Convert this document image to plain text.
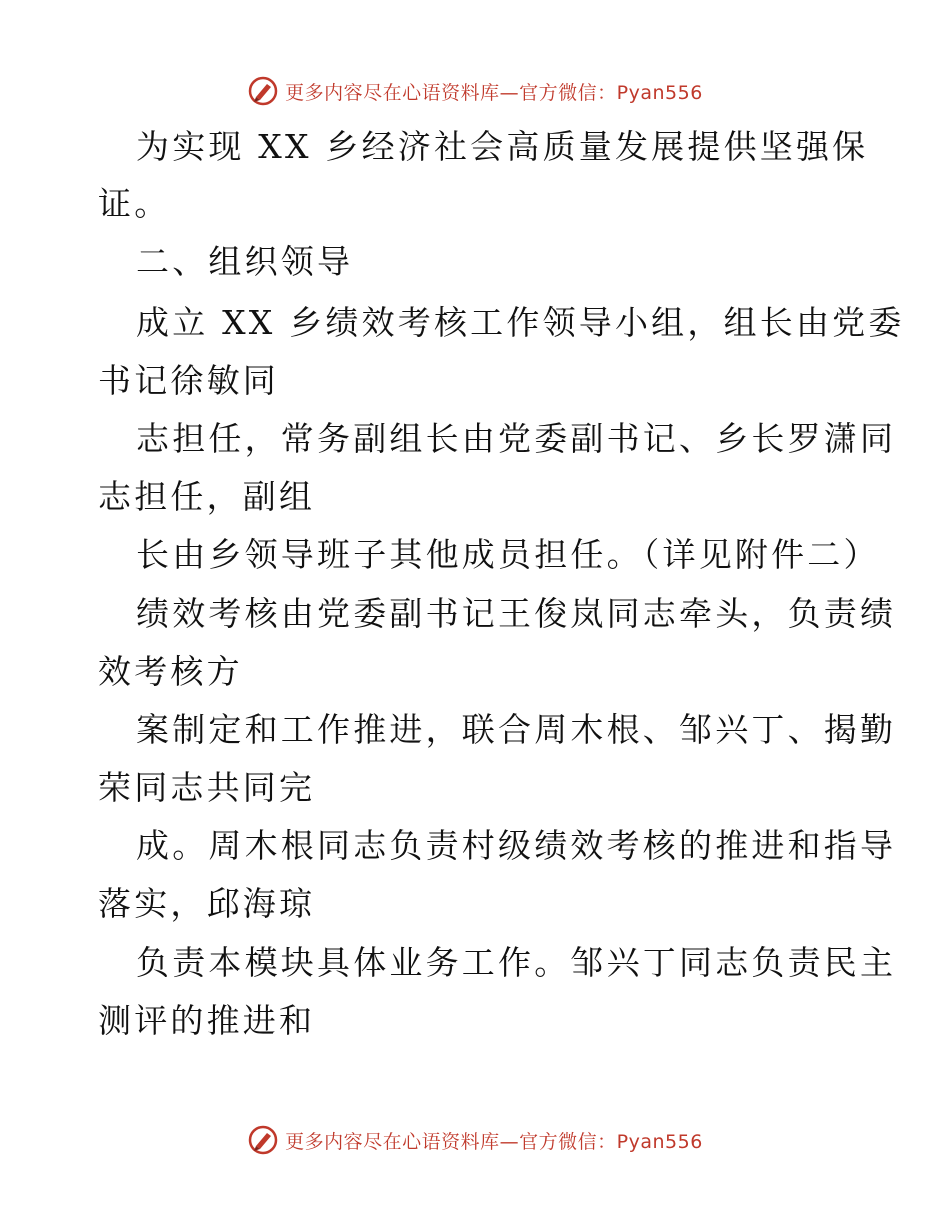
更多内容尽在心语资料库—官方微信：Pyan556
为实现 XX 乡经济社会高质量发展提供坚强保
证。
二、组织领导
成立 XX 乡绩效考核工作领导小组，组长由党委
书记徐敏同
志担任，常务副组长由党委副书记、乡长罗潇同
志担任，副组
长由乡领导班子其他成员担任。（详见附件二）
绩效考核由党委副书记王俊岚同志牵头，负责绩
效考核方
案制定和工作推进，联合周木根、邹兴丁、揭勤
荣同志共同完
成。周木根同志负责村级绩效考核的推进和指导
落实，邱海琼
负责本模块具体业务工作。邹兴丁同志负责民主
测评的推进和
更多内容尽在心语资料库—官方微信：Pyan556
